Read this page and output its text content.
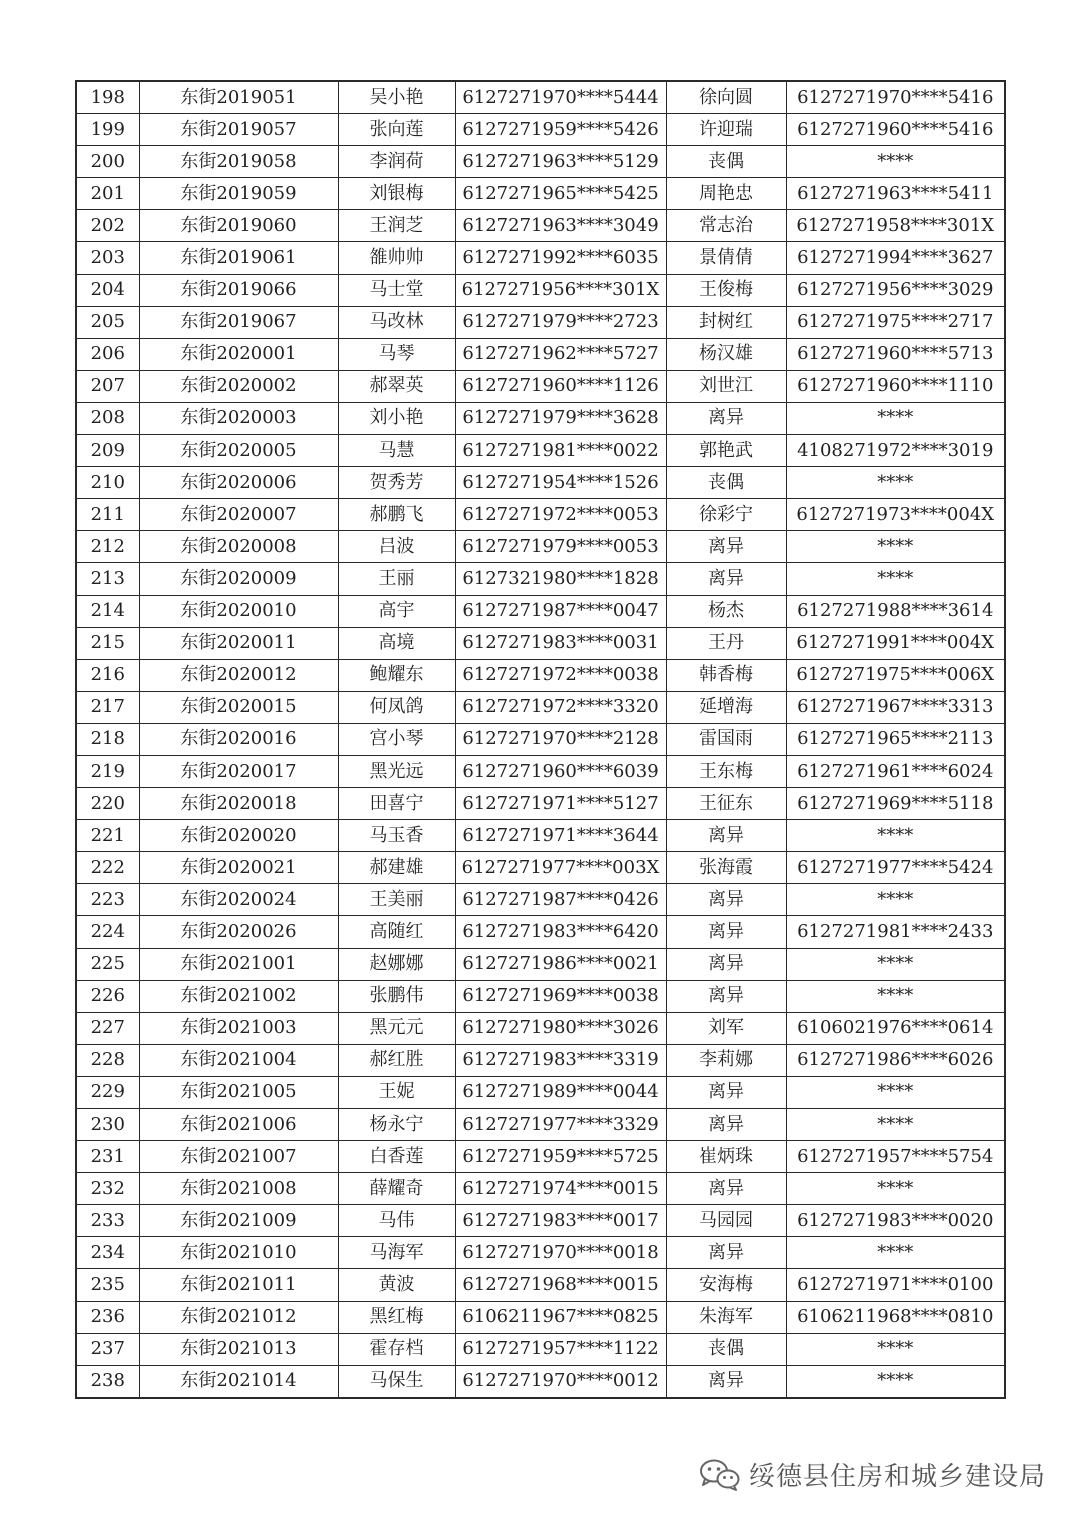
198	东街2019051	吴小艳	6127271970****5444	徐向圆	6127271970****5416
199	东街2019057	张向莲	6127271959****5426	许迎瑞	6127271960****5416
200	东街2019058	李润荷	6127271963****5129	丧偶	****
201	东街2019059	刘银梅	6127271965****5425	周艳忠	6127271963****5411
202	东街2019060	王润芝	6127271963****3049	常志治	6127271958****301X
203	东街2019061	雒帅帅	6127271992****6035	景倩倩	6127271994****3627
204	东街2019066	马士堂	6127271956****301X	王俊梅	6127271956****3029
205	东街2019067	马改林	6127271979****2723	封树红	6127271975****2717
206	东街2020001	马琴	6127271962****5727	杨汉雄	6127271960****5713
207	东街2020002	郝翠英	6127271960****1126	刘世江	6127271960****1110
208	东街2020003	刘小艳	6127271979****3628	离异	****
209	东街2020005	马慧	6127271981****0022	郭艳武	4108271972****3019
210	东街2020006	贺秀芳	6127271954****1526	丧偶	****
211	东街2020007	郝鹏飞	6127271972****0053	徐彩宁	6127271973****004X
212	东街2020008	吕波	6127271979****0053	离异	****
213	东街2020009	王丽	6127321980****1828	离异	****
214	东街2020010	高宇	6127271987****0047	杨杰	6127271988****3614
215	东街2020011	高境	6127271983****0031	王丹	6127271991****004X
216	东街2020012	鲍耀东	6127271972****0038	韩香梅	6127271975****006X
217	东街2020015	何凤鸽	6127271972****3320	延增海	6127271967****3313
218	东街2020016	宫小琴	6127271970****2128	雷国雨	6127271965****2113
219	东街2020017	黑光远	6127271960****6039	王东梅	6127271961****6024
220	东街2020018	田喜宁	6127271971****5127	王征东	6127271969****5118
221	东街2020020	马玉香	6127271971****3644	离异	****
222	东街2020021	郝建雄	6127271977****003X	张海霞	6127271977****5424
223	东街2020024	王美丽	6127271987****0426	离异	****
224	东街2020026	高随红	6127271983****6420	离异	6127271981****2433
225	东街2021001	赵娜娜	6127271986****0021	离异	****
226	东街2021002	张鹏伟	6127271969****0038	离异	****
227	东街2021003	黑元元	6127271980****3026	刘军	6106021976****0614
228	东街2021004	郝红胜	6127271983****3319	李莉娜	6127271986****6026
229	东街2021005	王妮	6127271989****0044	离异	****
230	东街2021006	杨永宁	6127271977****3329	离异	****
231	东街2021007	白香莲	6127271959****5725	崔炳珠	6127271957****5754
232	东街2021008	薛耀奇	6127271974****0015	离异	****
233	东街2021009	马伟	6127271983****0017	马园园	6127271983****0020
234	东街2021010	马海军	6127271970****0018	离异	****
235	东街2021011	黄波	6127271968****0015	安海梅	6127271971****0100
236	东街2021012	黑红梅	6106211967****0825	朱海军	6106211968****0810
237	东街2021013	霍存档	6127271957****1122	丧偶	****
238	东街2021014	马保生	6127271970****0012	离异	****
绥德县住房和城乡建设局
